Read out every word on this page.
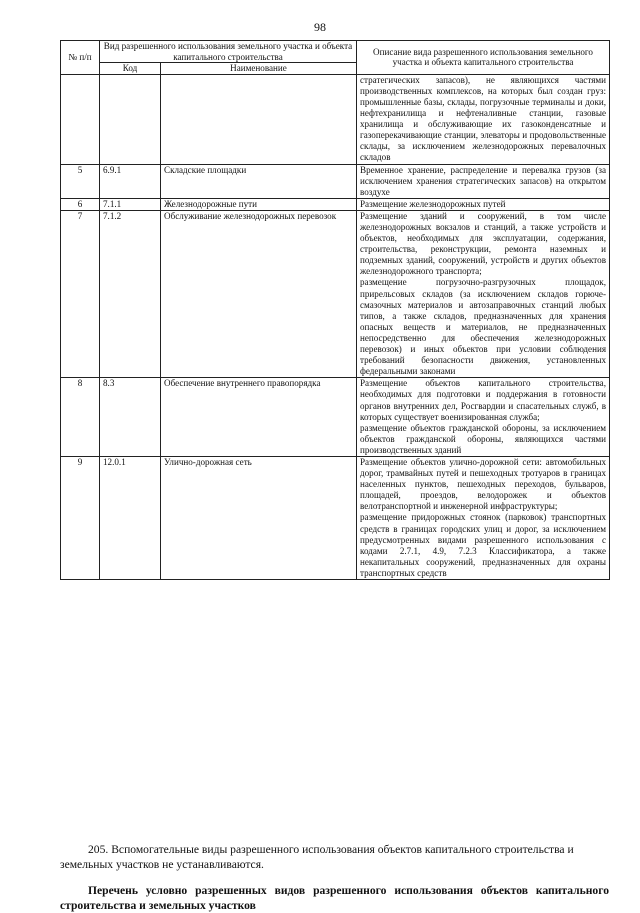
98
№ п/п	Вид разрешенного использования земельного участка и объекта капитального строительства		Описание вида разрешенного использования земельного участка и объекта капитального строительства
	Код	Наименование	

			стратегических запасов), не являющихся частями производственных комплексов, на которых был создан груз: промышленные базы, склады, погрузочные терминалы и доки, нефтехранилища и нефтеналивные станции, газовые хранилища и обслуживающие их газоконденсатные и газоперекачивающие станции, элеваторы и продовольственные склады, за исключением железнодорожных перевалочных складов

5	6.9.1	Складские площадки	Временное хранение, распределение и перевалка грузов (за исключением хранения стратегических запасов) на открытом воздухе

6	7.1.1	Железнодорожные пути	Размещение железнодорожных путей

7	7.1.2	Обслуживание железнодорожных перевозок	Размещение зданий и сооружений, в том числе железнодорожных вокзалов и станций, а также устройств и объектов, необходимых для эксплуатации, содержания, строительства, реконструкции, ремонта наземных и подземных зданий, сооружений, устройств и других объектов железнодорожного транспорта;
размещение погрузочно-разгрузочных площадок, прирельсовых складов (за исключением складов горюче-смазочных материалов и автозаправочных станций любых типов, а также складов, предназначенных для хранения опасных веществ и материалов, не предназначенных непосредственно для обеспечения железнодорожных перевозок) и иных объектов при условии соблюдения требований безопасности движения, установленных федеральными законами

8	8.3	Обеспечение внутреннего правопорядка	Размещение объектов капитального строительства, необходимых для подготовки и поддержания в готовности органов внутренних дел, Росгвардии и спасательных служб, в которых существует военизированная служба;
размещение объектов гражданской обороны, за исключением объектов гражданской обороны, являющихся частями производственных зданий

9	12.0.1	Улично-дорожная сеть	Размещение объектов улично-дорожной сети: автомобильных дорог, трамвайных путей и пешеходных тротуаров в границах населенных пунктов, пешеходных переходов, бульваров, площадей, проездов, велодорожек и объектов велотранспортной и инженерной инфраструктуры;
размещение придорожных стоянок (парковок) транспортных средств в границах городских улиц и дорог, за исключением предусмотренных видами разрешенного использования с кодами 2.7.1, 4.9, 7.2.3 Классификатора, а также некапитальных сооружений, предназначенных для охраны транспортных средств
205. Вспомогательные виды разрешенного использования объектов капитального строительства и земельных участков не устанавливаются.
Перечень условно разрешенных видов разрешенного использования объектов капитального строительства и земельных участков
